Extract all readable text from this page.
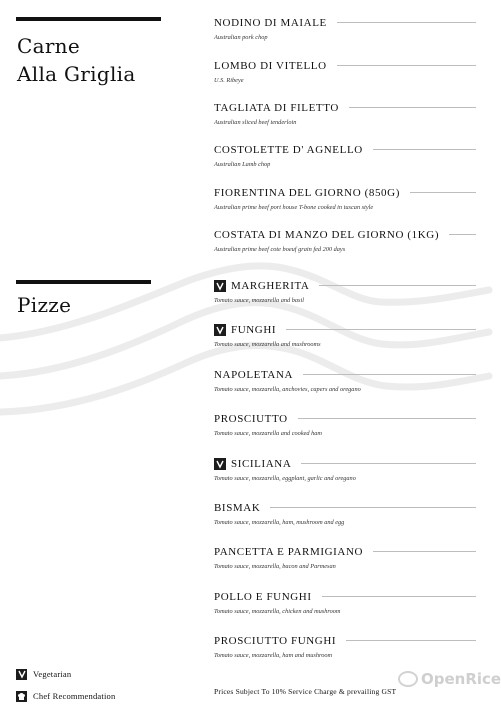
Carne
Alla Griglia
Pizze
NODINO DI MAIALE
Australian pork chop
LOMBO DI VITELLO
U.S. Ribeye
TAGLIATA DI FILETTO
Australian sliced beef tenderloin
COSTOLETTE D' AGNELLO
Australian Lamb chop
FIORENTINA DEL GIORNO (850G)
Australian prime beef port house T-bone cooked in tuscan style
COSTATA DI MANZO DEL GIORNO (1KG)
Australian prime beef cote boeuf grain fed 200 days
MARGHERITA
Tomato sauce, mozzarella and basil
FUNGHI
Tomato sauce, mozzarella and mushrooms
NAPOLETANA
Tomato sauce, mozzarella, anchovies, capers and oregano
PROSCIUTTO
Tomato sauce, mozzarella and cooked ham
SICILIANA
Tomato sauce, mozzarella, eggplant, garlic and oregano
BISMAK
Tomato sauce, mozzarella, ham, mushroom and egg
PANCETTA E PARMIGIANO
Tomato sauce, mozzarella, bacon and Parmesan
POLLO E FUNGHI
Tomato sauce, mozzarella, chicken and mushroom
PROSCIUTTO FUNGHI
Tomato sauce, mozzarella, ham and mushroom
Vegetarian
Chef Recommendation	Prices Subject To 10% Service Charge & prevailing GST
OpenRice
